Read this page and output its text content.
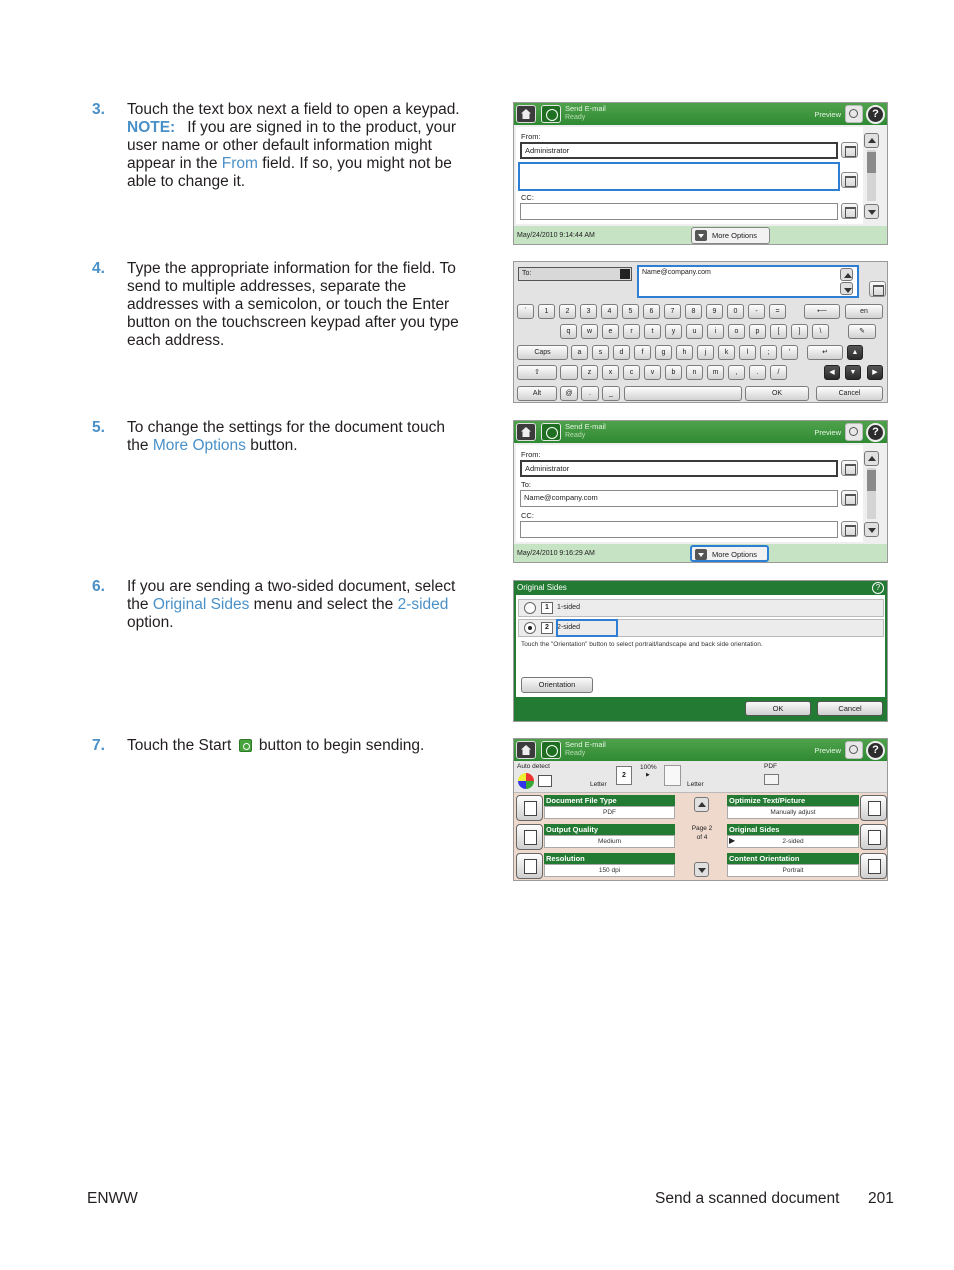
3. Touch the text box next a field to open a keypad.

NOTE: If you are signed in to the product, your user name or other default information might appear in the From field. If so, you might not be able to change it.

4. Type the appropriate information for the field. To send to multiple addresses, separate the addresses with a semicolon, or touch the Enter button on the touchscreen keypad after you type each address.

5. To change the settings for the document touch the More Options button.

6. If you are sending a two-sided document, select the Original Sides menu and select the 2-sided option.

7. Touch the Start  button to begin sending.

Send E-mail
Ready	Preview	?
From:
Administrator
CC:
May/24/2010 9:14:44 AM	More Options
To:	Name@company.com
`	1	2	3	4	5	6	7	8	9	0	-	=	⟵	en
q	w	e	r	t	y	u	i	o	p	[	]	\	✎
Caps	a	s	d	f	g	h	j	k	l	;	'	↵	▲
⇧	z	x	c	v	b	n	m	,	.	/	◀	▼	▶
Alt	@	.	_	OK	Cancel
Send E-mail
Ready	Preview	?
From:
Administrator
To:
Name@company.com
CC:
May/24/2010 9:16:29 AM	More Options
Original Sides	?
1	1-sided
2	2-sided
Touch the "Orientation" button to select portrait/landscape and back side orientation.
Orientation
OK	Cancel
Send E-mail
Ready	Preview	?
Auto detect
Letter
2
100%
▶
Letter
PDF
Document File Type
PDF
Output Quality
Medium
Resolution
150 dpi
Page 2
of 4
Optimize Text/Picture
Manually adjust
Original Sides
2-sided
▶
Content Orientation
Portrait
ENWW	Send a scanned document 201
